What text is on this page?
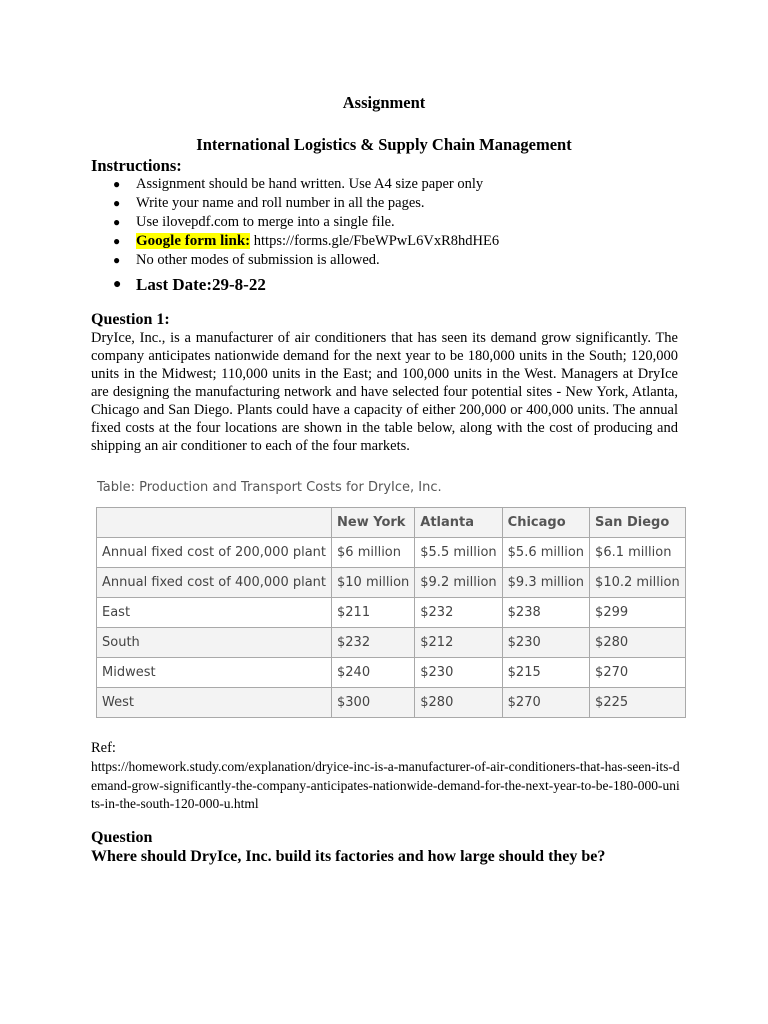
Assignment
International Logistics & Supply Chain Management
Instructions:
● Assignment should be hand written. Use A4 size paper only
● Write your name and roll number in all the pages.
● Use ilovepdf.com to merge into a single file.
● Google form link: https://forms.gle/FbeWPwL6VxR8hdHE6
● No other modes of submission is allowed.
● Last Date:29-8-22
Question 1:
DryIce, Inc., is a manufacturer of air conditioners that has seen its demand grow significantly. The company anticipates nationwide demand for the next year to be 180,000 units in the South; 120,000 units in the Midwest; 110,000 units in the East; and 100,000 units in the West. Managers at DryIce are designing the manufacturing network and have selected four potential sites - New York, Atlanta, Chicago and San Diego. Plants could have a capacity of either 200,000 or 400,000 units. The annual fixed costs at the four locations are shown in the table below, along with the cost of producing and shipping an air conditioner to each of the four markets.
Table: Production and Transport Costs for DryIce, Inc.
	New York	Atlanta	Chicago	San Diego
Annual fixed cost of 200,000 plant	$6 million	$5.5 million	$5.6 million	$6.1 million
Annual fixed cost of 400,000 plant	$10 million	$9.2 million	$9.3 million	$10.2 million
East	$211	$232	$238	$299
South	$232	$212	$230	$280
Midwest	$240	$230	$215	$270
West	$300	$280	$270	$225
Ref:
https://homework.study.com/explanation/dryice-inc-is-a-manufacturer-of-air-conditioners-that-has-seen-its-demand-grow-significantly-the-company-anticipates-nationwide-demand-for-the-next-year-to-be-180-000-units-in-the-south-120-000-u.html
Question
Where should DryIce, Inc. build its factories and how large should they be?
